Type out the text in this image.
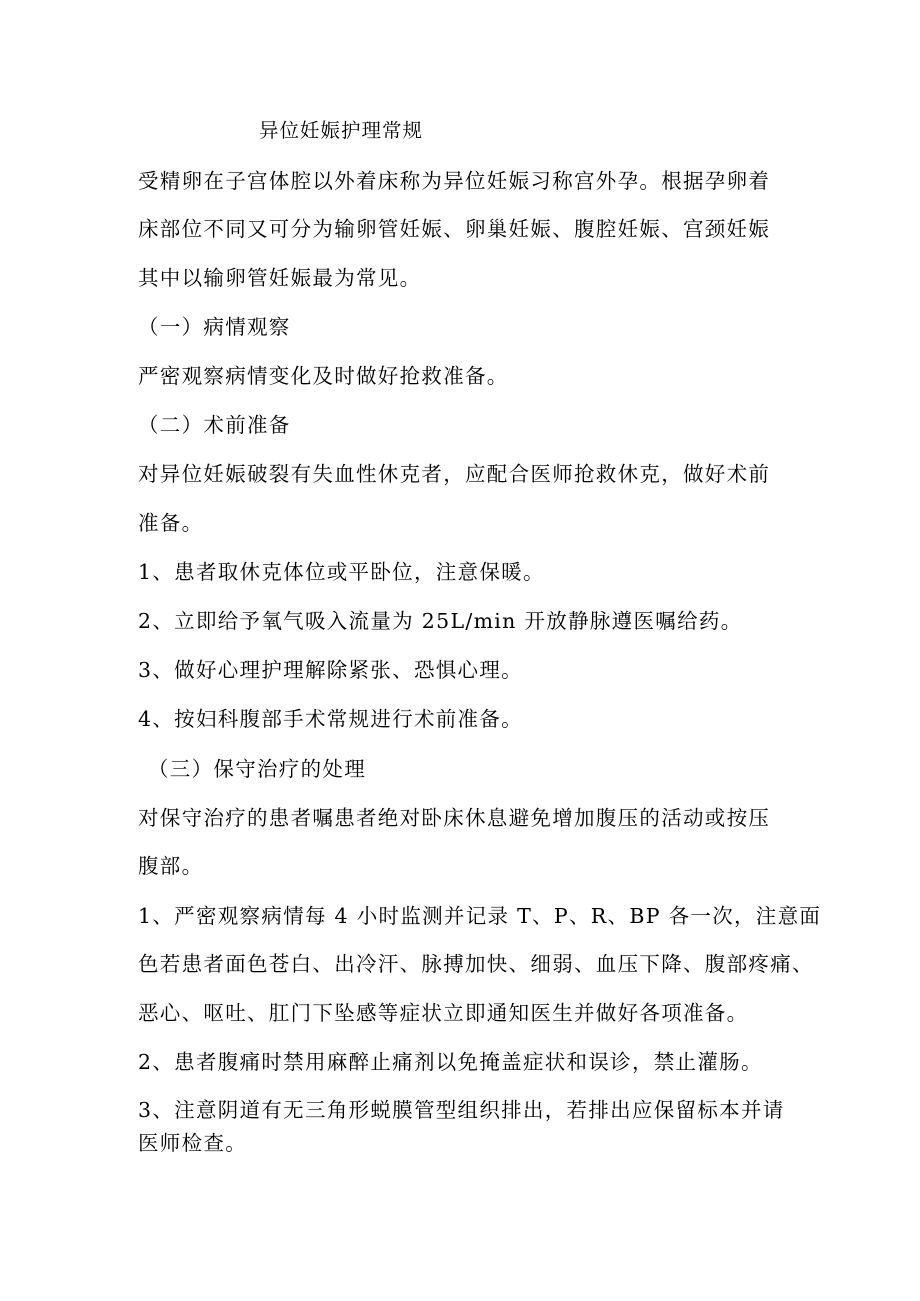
异位妊娠护理常规
受精卵在子宫体腔以外着床称为异位妊娠习称宫外孕。根据孕卵着
床部位不同又可分为输卵管妊娠、卵巢妊娠、腹腔妊娠、宫颈妊娠
其中以输卵管妊娠最为常见。
（一）病情观察
严密观察病情变化及时做好抢救准备。
（二）术前准备
对异位妊娠破裂有失血性休克者，应配合医师抢救休克，做好术前
准备。
1、患者取休克体位或平卧位，注意保暖。
2、立即给予氧气吸入流量为 25L/min 开放静脉遵医嘱给药。
3、做好心理护理解除紧张、恐惧心理。
4、按妇科腹部手术常规进行术前准备。
（三）保守治疗的处理
对保守治疗的患者嘱患者绝对卧床休息避免增加腹压的活动或按压
腹部。
1、严密观察病情每 4 小时监测并记录 T、P、R、BP 各一次，注意面
色若患者面色苍白、出冷汗、脉搏加快、细弱、血压下降、腹部疼痛、
恶心、呕吐、肛门下坠感等症状立即通知医生并做好各项准备。
2、患者腹痛时禁用麻醉止痛剂以免掩盖症状和误诊，禁止灌肠。
3、注意阴道有无三角形蜕膜管型组织排出，若排出应保留标本并请
医师检查。
